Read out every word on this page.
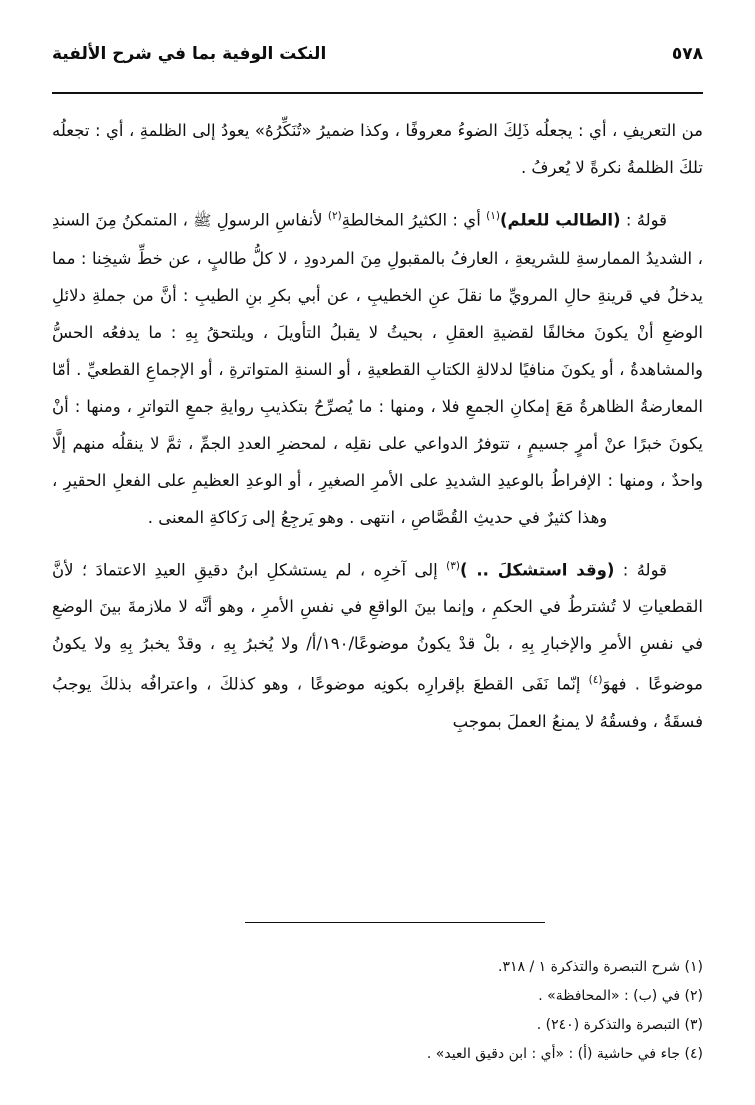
النكت الوفية بما في شرح الألفية	٥٧٨

من التعريفِ ، أي : يجعلُه ذَلِكَ الضوءُ معروفًا ، وكذا ضميرُ «تُنَكِّرُهُ» يعودُ إلى الظلمةِ ، أي : تجعلُه تلكَ الظلمةُ نكرةً لا يُعرفُ .

قولهُ : (الطالب للعلم)$^{(١)}$ أي : الكثيرُ المخالطةِ$^{(٢)}$ لأنفاسِ الرسولِ ﷺ ، المتمكنُ مِنَ السندِ ، الشديدُ الممارسةِ للشريعةِ ، العارفُ بالمقبولِ مِنَ المردودِ ، لا كلُّ طالبٍ ، عن خطِّ شيخِنا : مما يدخلُ في قرينةِ حالِ المرويِّ ما نقلَ عنِ الخطيبِ ، عن أبي بكرِ بنِ الطيبِ : أنَّ من جملةِ دلائلِ الوضعِ أنْ يكونَ مخالفًا لقضيةِ العقلِ ، بحيثُ لا يقبلُ التأويلَ ، ويلتحقُ بِهِ : ما يدفعُه الحسُّ والمشاهدةُ ، أو يكونَ منافيًا لدلالةِ الكتابِ القطعيةِ ، أو السنةِ المتواترةِ ، أو الإجماعِ القطعيِّ . أمّا المعارضةُ الظاهرةُ مَعَ إمكانِ الجمعِ فلا ، ومنها : ما يُصرِّحُ بتكذيبِ روايةِ جمعِ التواترِ ، ومنها : أنْ يكونَ خبرًا عنْ أمرٍ جسيمٍ ، تتوفرُ الدواعي على نقلِه ، لمحضرِ العددِ الجمِّ ، ثمَّ لا ينقلُه منهم إلَّا واحدٌ ، ومنها : الإفراطُ بالوعيدِ الشديدِ على الأمرِ الصغيرِ ، أو الوعدِ العظيمِ على الفعلِ الحقيرِ ، وهذا كثيرٌ في حديثِ القُصَّاصِ ، انتهى . وهو يَرجِعُ إلى رَكاكةِ المعنى .

قولهُ : (وقد استشكلَ .. )$^{(٣)}$ إلى آخرِه ، لم يستشكلِ ابنُ دقيقِ العيدِ الاعتمادَ ؛ لأنَّ القطعياتِ لا تُشترطُ في الحكمِ ، وإنما بينَ الواقعِ في نفسِ الأمرِ ، وهو أنَّه لا ملازمةَ بينَ الوضعِ في نفسِ الأمرِ والإخبارِ بِهِ ، بلْ قدْ يكونُ موضوعًا/١٩٠/أ/ ولا يُخبرُ بِهِ ، وقدْ يخبرُ بِهِ ولا يكونُ موضوعًا . فهوَ$^{(٤)}$ إنّما نَفَى القطعَ بإقرارِه بكونِه موضوعًا ، وهو كذلكَ ، واعترافُه بذلكَ يوجبُ فسقَةُ ، وفسقُهُ لا يمنعُ العملَ بموجبِ

(١) شرح التبصرة والتذكرة ١ / ٣١٨.

(٢) في (ب) : «المحافظة» .

(٣) التبصرة والتذكرة (٢٤٠) .

(٤) جاء في حاشية (أ) : «أي : ابن دقيق العيد» .
